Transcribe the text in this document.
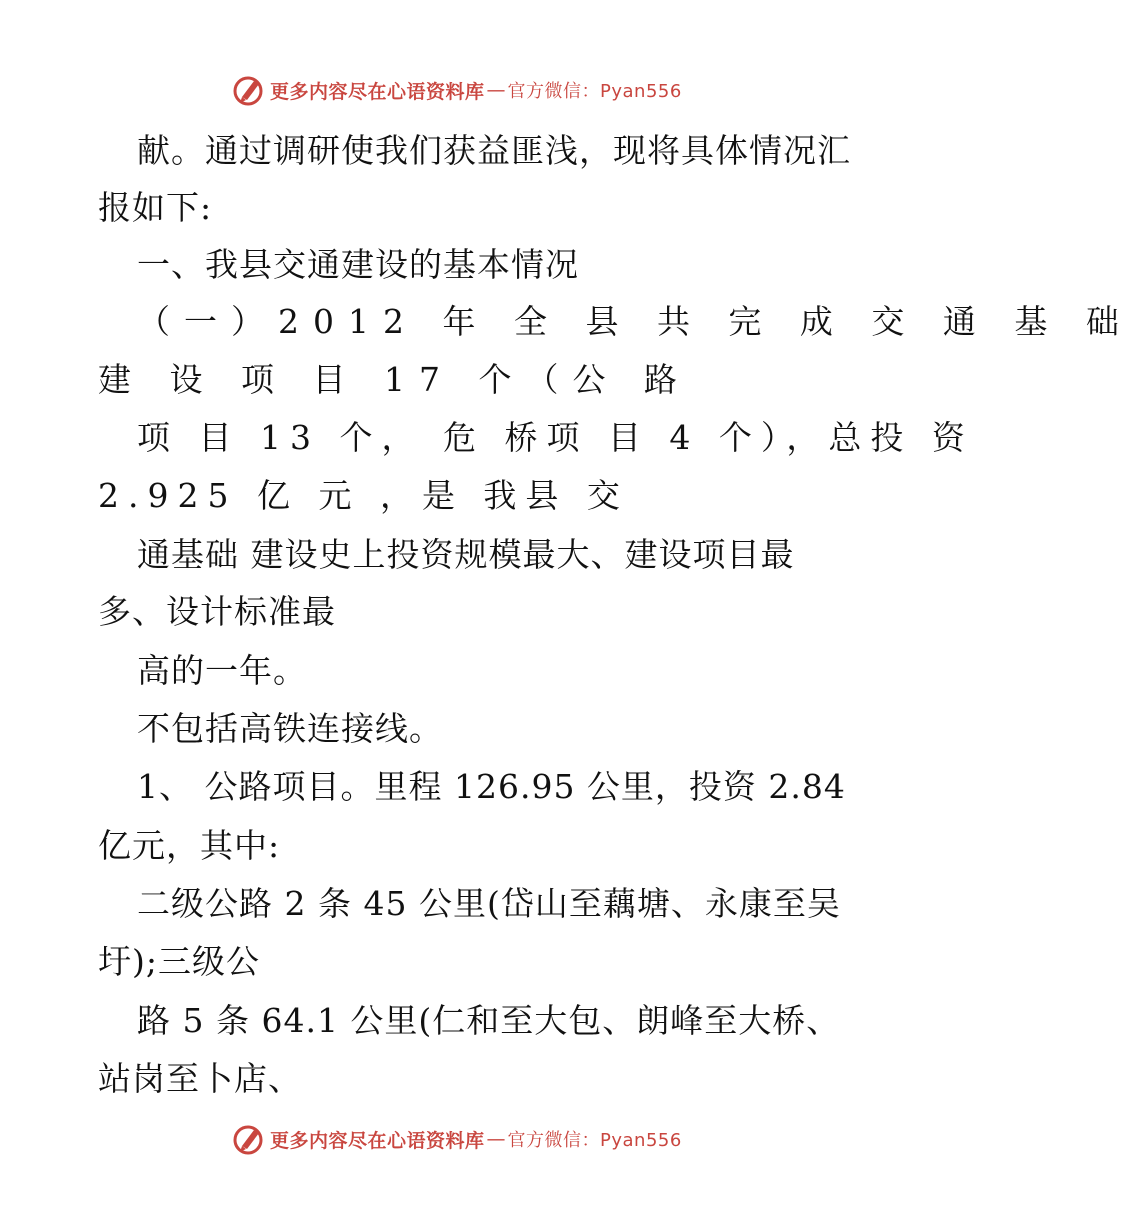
更多内容尽在心语资料库 — 官方微信：Pyan556
献。通过调研使我们获益匪浅，现将具体情况汇
报如下:
一、我县交通建设的基本情况
（一）2012 年 全 县 共 完 成 交 通 基 础
建 设 项 目 17 个（公 路
项 目 13 个， 危 桥项 目 4 个），总投 资
2.925 亿 元 ，是 我县 交
通基础 建设史上投资规模最大、建设项目最
多、设计标准最
高的一年。
不包括高铁连接线。
1、 公路项目。里程 126.95 公里，投资 2.84
亿元，其中:
二级公路 2 条 45 公里(岱山至藕塘、永康至吴
圩);三级公
路 5 条 64.1 公里(仁和至大包、朗峰至大桥、
站岗至卜店、
更多内容尽在心语资料库 — 官方微信：Pyan556
